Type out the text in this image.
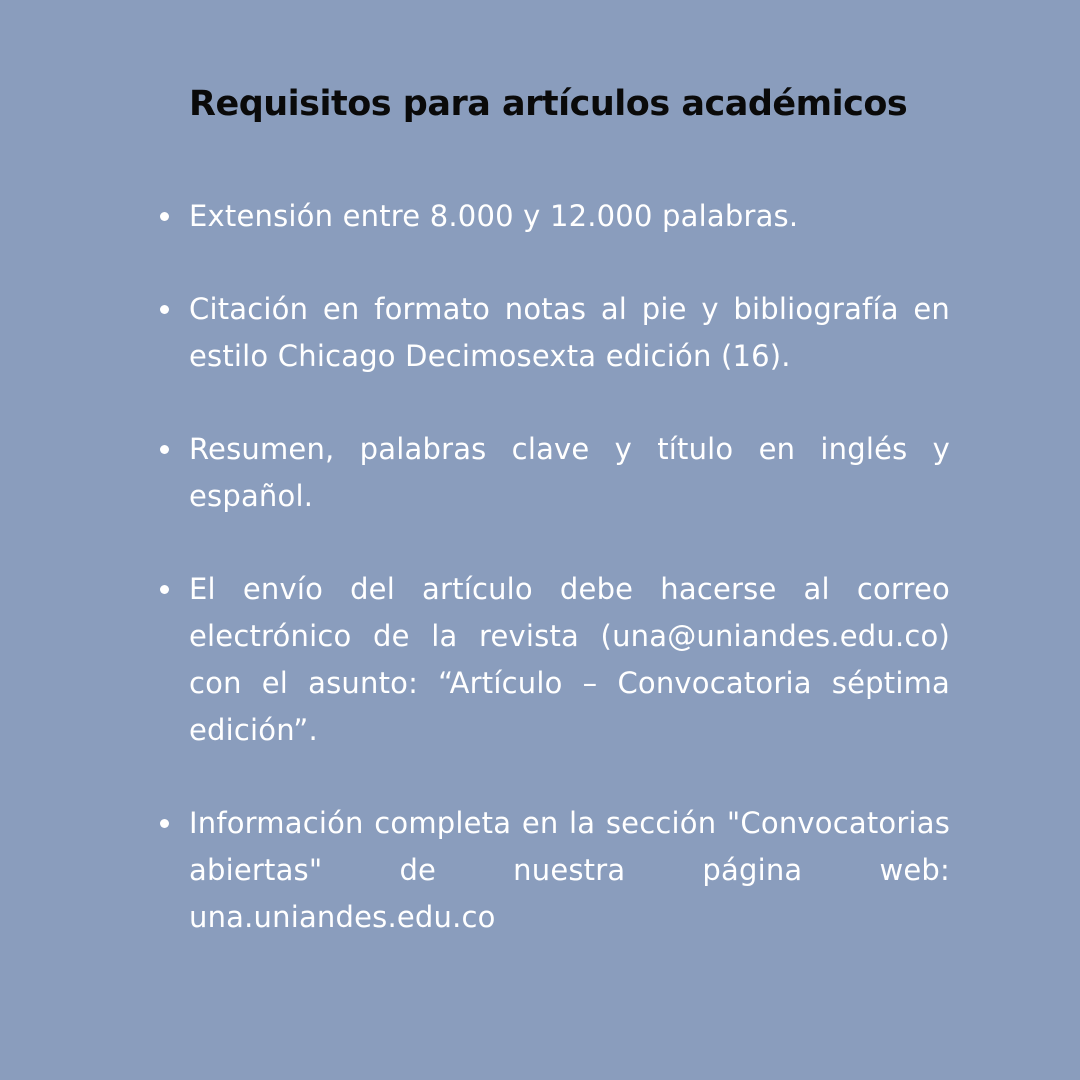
Requisitos para artículos académicos
Extensión entre 8.000 y 12.000 palabras.
Citación en formato notas al pie y bibliografía en estilo Chicago Decimosexta edición (16).
Resumen, palabras clave y título en inglés y español.
El envío del artículo debe hacerse al correo electrónico de la revista (una@uniandes.edu.co) con el asunto: “Artículo – Convocatoria séptima edición”.
Información completa en la sección "Convocatorias abiertas" de nuestra página web: una.uniandes.edu.co
